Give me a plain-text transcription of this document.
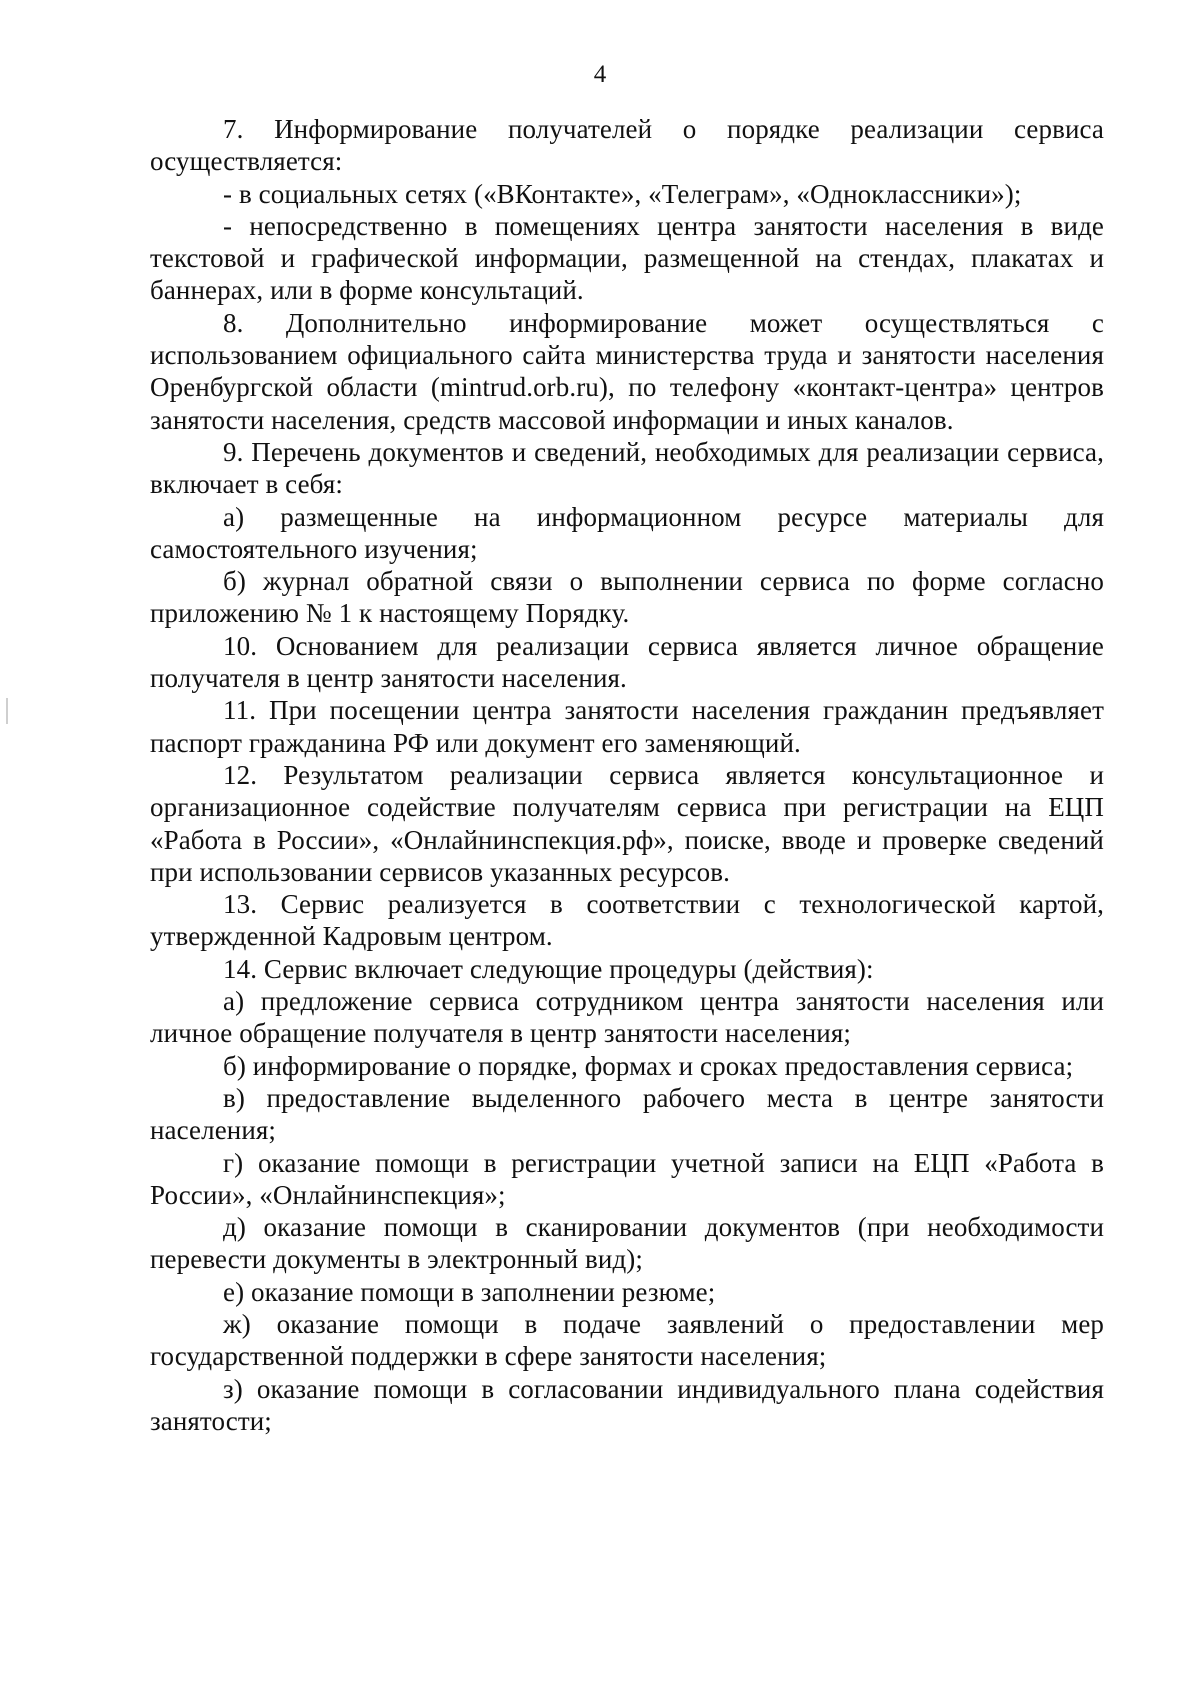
4

7. Информирование получателей о порядке реализации сервиса осуществляется:

- в социальных сетях («ВКонтакте», «Телеграм», «Одноклассники»);

- непосредственно в помещениях центра занятости населения в виде текстовой и графической информации, размещенной на стендах, плакатах и баннерах, или в форме консультаций.

8. Дополнительно информирование может осуществляться с использованием официального сайта министерства труда и занятости населения Оренбургской области (mintrud.orb.ru), по телефону «контакт-центра» центров занятости населения, средств массовой информации и иных каналов.

9. Перечень документов и сведений, необходимых для реализации сервиса, включает в себя:

а) размещенные на информационном ресурсе материалы для самостоятельного изучения;

б) журнал обратной связи о выполнении сервиса по форме согласно приложению № 1 к настоящему Порядку.

10. Основанием для реализации сервиса является личное обращение получателя в центр занятости населения.

11. При посещении центра занятости населения гражданин предъявляет паспорт гражданина РФ или документ его заменяющий.

12. Результатом реализации сервиса является консультационное и организационное содействие получателям сервиса при регистрации на ЕЦП «Работа в России», «Онлайнинспекция.рф», поиске, вводе и проверке сведений при использовании сервисов указанных ресурсов.

13. Сервис реализуется в соответствии с технологической картой, утвержденной Кадровым центром.

14. Сервис включает следующие процедуры (действия):

а) предложение сервиса сотрудником центра занятости населения или личное обращение получателя в центр занятости населения;

б) информирование о порядке, формах и сроках предоставления сервиса;

в) предоставление выделенного рабочего места в центре занятости населения;

г) оказание помощи в регистрации учетной записи на ЕЦП «Работа в России», «Онлайнинспекция»;

д) оказание помощи в сканировании документов (при необходимости перевести документы в электронный вид);

е) оказание помощи в заполнении резюме;

ж) оказание помощи в подаче заявлений о предоставлении мер государственной поддержки в сфере занятости населения;

з) оказание помощи в согласовании индивидуального плана содействия занятости;
